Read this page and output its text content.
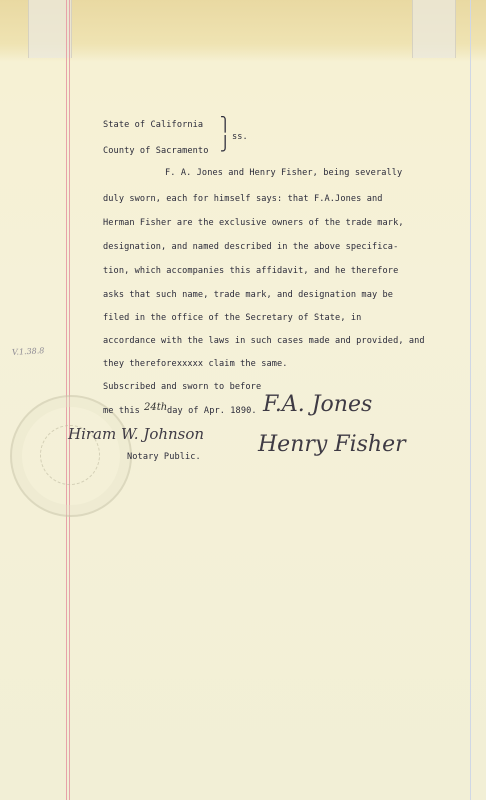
V.1.38.8
State of California
County of Sacramento
⎫
⎭ ss.
F. A. Jones and Henry Fisher, being severally
duly sworn, each for himself says: that F.A.Jones and
Herman Fisher are the exclusive owners of the trade mark,
designation, and named described in the above specifica-
tion, which accompanies this affidavit, and he therefore
asks that such name, trade mark, and designation may be
filed in the office of the Secretary of State, in
accordance with the laws in such cases made and provided, and
they thereforexxxxx claim the same.
Subscribed and sworn to before
me this 24th day of Apr. 1890. F.A. Jones
Hiram W. Johnson Henry Fisher
Notary Public.
